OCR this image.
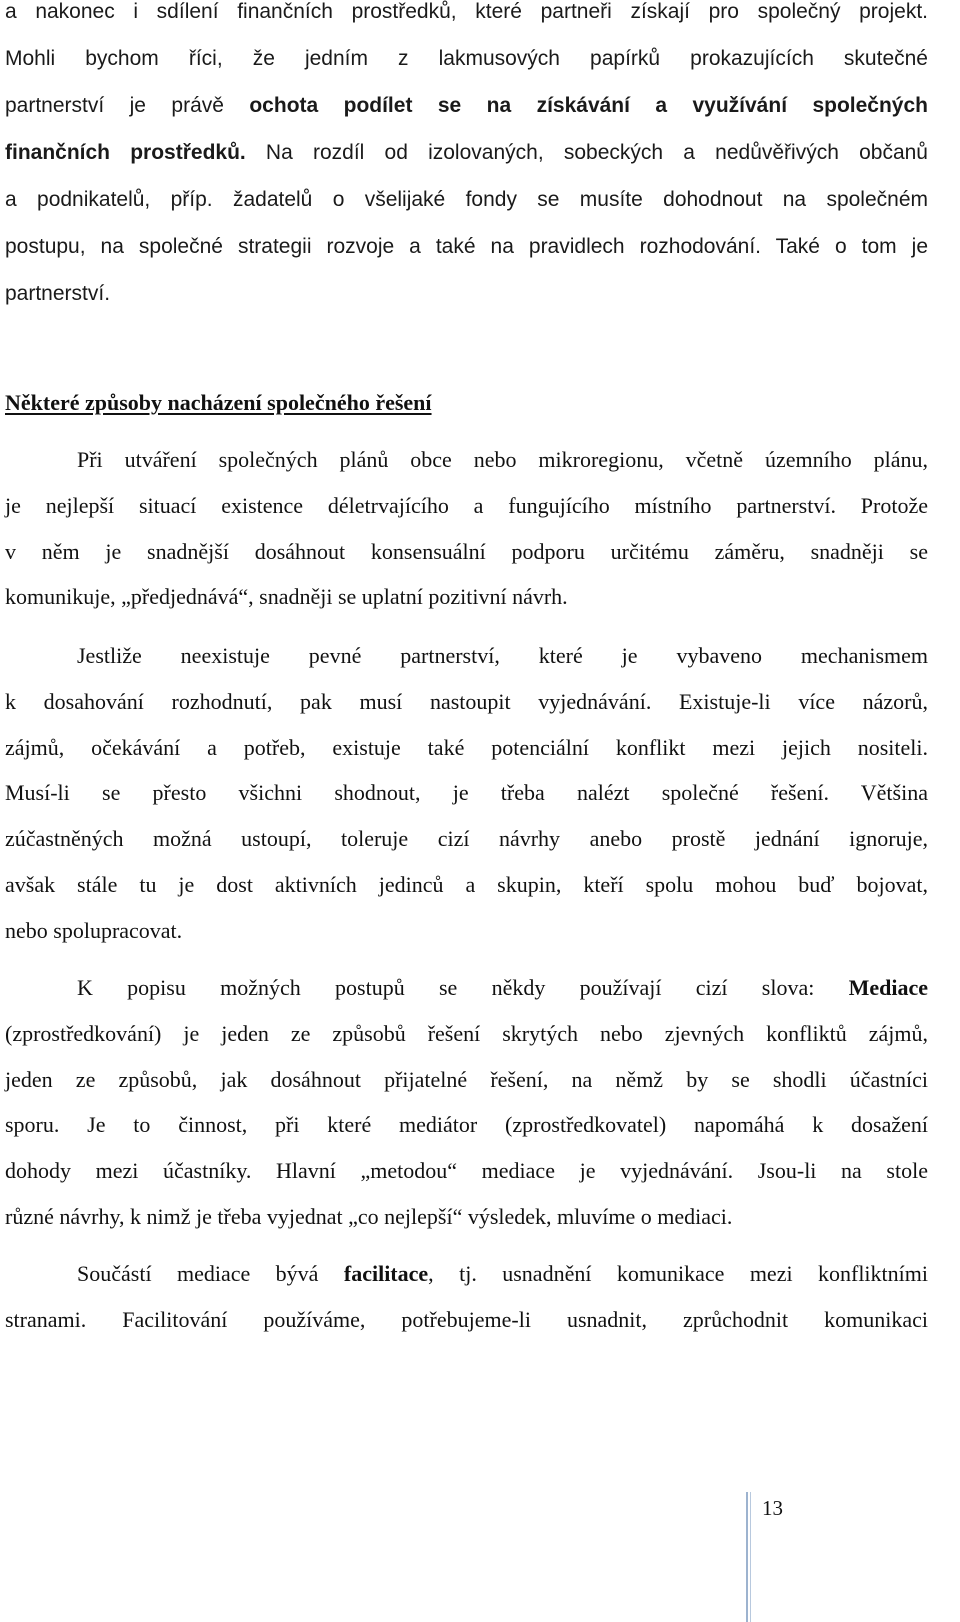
a nakonec i sdílení finančních prostředků, které partneři získají pro společný projekt.
Mohli bychom říci, že jedním z lakmusových papírků prokazujících skutečné
partnerství je právě ochota podílet se na získávání a využívání společných
finančních prostředků. Na rozdíl od izolovaných, sobeckých a nedůvěřivých občanů
a podnikatelů, příp. žadatelů o všelijaké fondy se musíte dohodnout na společném
postupu, na společné strategii rozvoje a také na pravidlech rozhodování. Také o tom je
partnerství.
Některé způsoby nacházení společného řešení
Při utváření společných plánů obce nebo mikroregionu, včetně územního plánu,
je nejlepší situací existence déletrvajícího a fungujícího místního partnerství. Protože
v něm je snadnější dosáhnout konsensuální podporu určitému záměru, snadněji se
komunikuje, „předjednává“, snadněji se uplatní pozitivní návrh.
Jestliže neexistuje pevné partnerství, které je vybaveno mechanismem
k dosahování rozhodnutí, pak musí nastoupit vyjednávání. Existuje-li více názorů,
zájmů, očekávání a potřeb, existuje také potenciální konflikt mezi jejich nositeli.
Musí-li se přesto všichni shodnout, je třeba nalézt společné řešení. Většina
zúčastněných možná ustoupí, toleruje cizí návrhy anebo prostě jednání ignoruje,
avšak stále tu je dost aktivních jedinců a skupin, kteří spolu mohou buď bojovat,
nebo spolupracovat.
K popisu možných postupů se někdy používají cizí slova: Mediace
(zprostředkování) je jeden ze způsobů řešení skrytých nebo zjevných konfliktů zájmů,
jeden ze způsobů, jak dosáhnout přijatelné řešení, na němž by se shodli účastníci
sporu. Je to činnost, při které mediátor (zprostředkovatel) napomáhá k dosažení
dohody mezi účastníky. Hlavní „metodou“ mediace je vyjednávání. Jsou-li na stole
různé návrhy, k nimž je třeba vyjednat „co nejlepší“ výsledek, mluvíme o mediaci.
Součástí mediace bývá facilitace, tj. usnadnění komunikace mezi konfliktními
stranami. Facilitování používáme, potřebujeme-li usnadnit, zprůchodnit komunikaci
13
